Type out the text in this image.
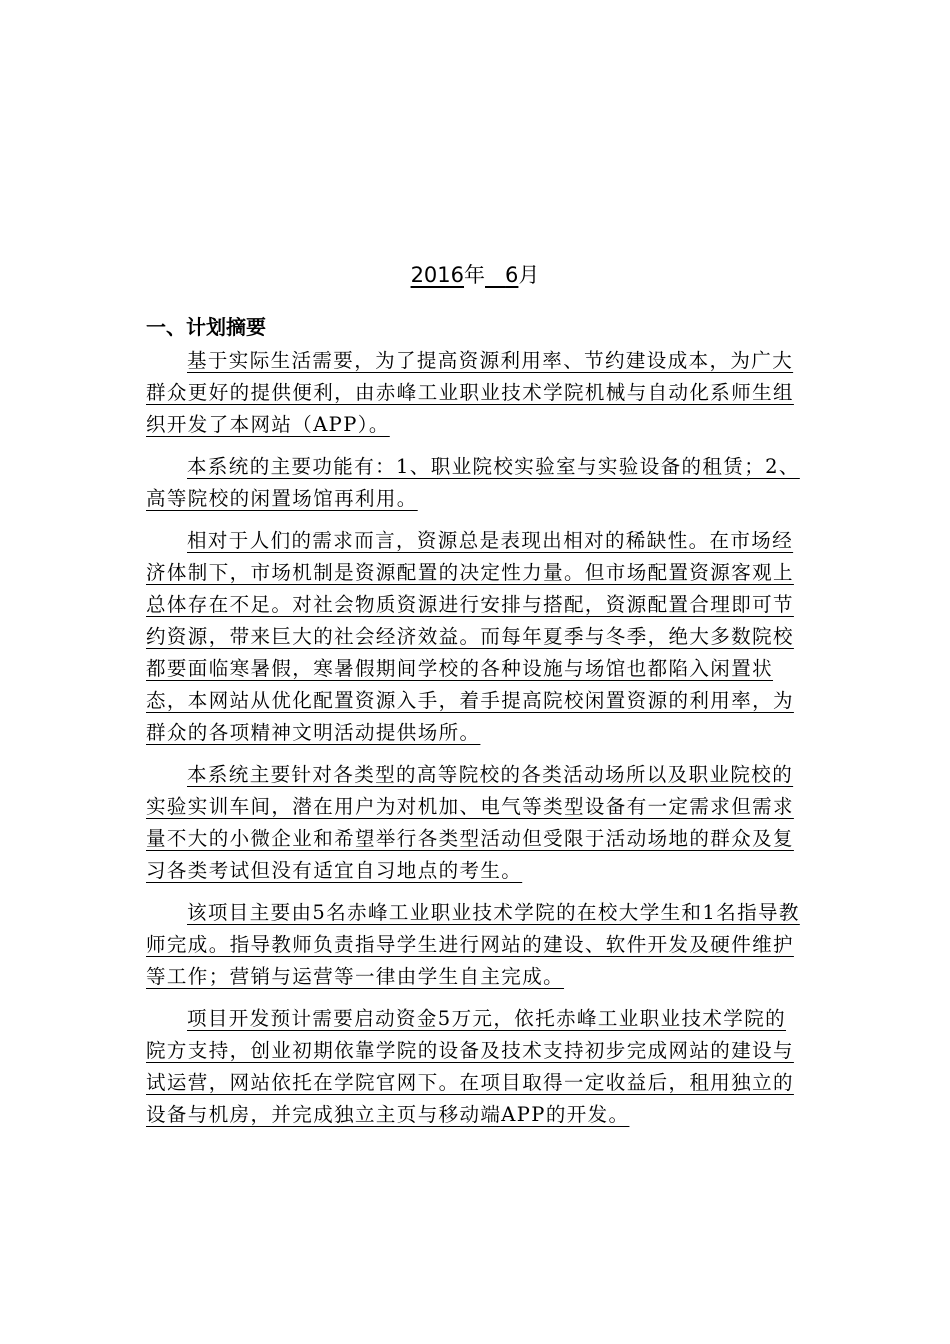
2016年 6月
一、计划摘要

基于实际生活需要，为了提高资源利用率、节约建设成本，为广大群众更好的提供便利，由赤峰工业职业技术学院机械与自动化系师生组织开发了本网站（APP）。

本系统的主要功能有：1、职业院校实验室与实验设备的租赁；2、高等院校的闲置场馆再利用。

相对于人们的需求而言，资源总是表现出相对的稀缺性。在市场经济体制下，市场机制是资源配置的决定性力量。但市场配置资源客观上总体存在不足。对社会物质资源进行安排与搭配，资源配置合理即可节约资源，带来巨大的社会经济效益。而每年夏季与冬季，绝大多数院校都要面临寒暑假，寒暑假期间学校的各种设施与场馆也都陷入闲置状态，本网站从优化配置资源入手，着手提高院校闲置资源的利用率，为群众的各项精神文明活动提供场所。

本系统主要针对各类型的高等院校的各类活动场所以及职业院校的实验实训车间，潜在用户为对机加、电气等类型设备有一定需求但需求量不大的小微企业和希望举行各类型活动但受限于活动场地的群众及复习各类考试但没有适宜自习地点的考生。

该项目主要由5名赤峰工业职业技术学院的在校大学生和1名指导教师完成。指导教师负责指导学生进行网站的建设、软件开发及硬件维护等工作；营销与运营等一律由学生自主完成。

项目开发预计需要启动资金5万元，依托赤峰工业职业技术学院的院方支持，创业初期依靠学院的设备及技术支持初步完成网站的建设与试运营，网站依托在学院官网下。在项目取得一定收益后，租用独立的设备与机房，并完成独立主页与移动端APP的开发。
